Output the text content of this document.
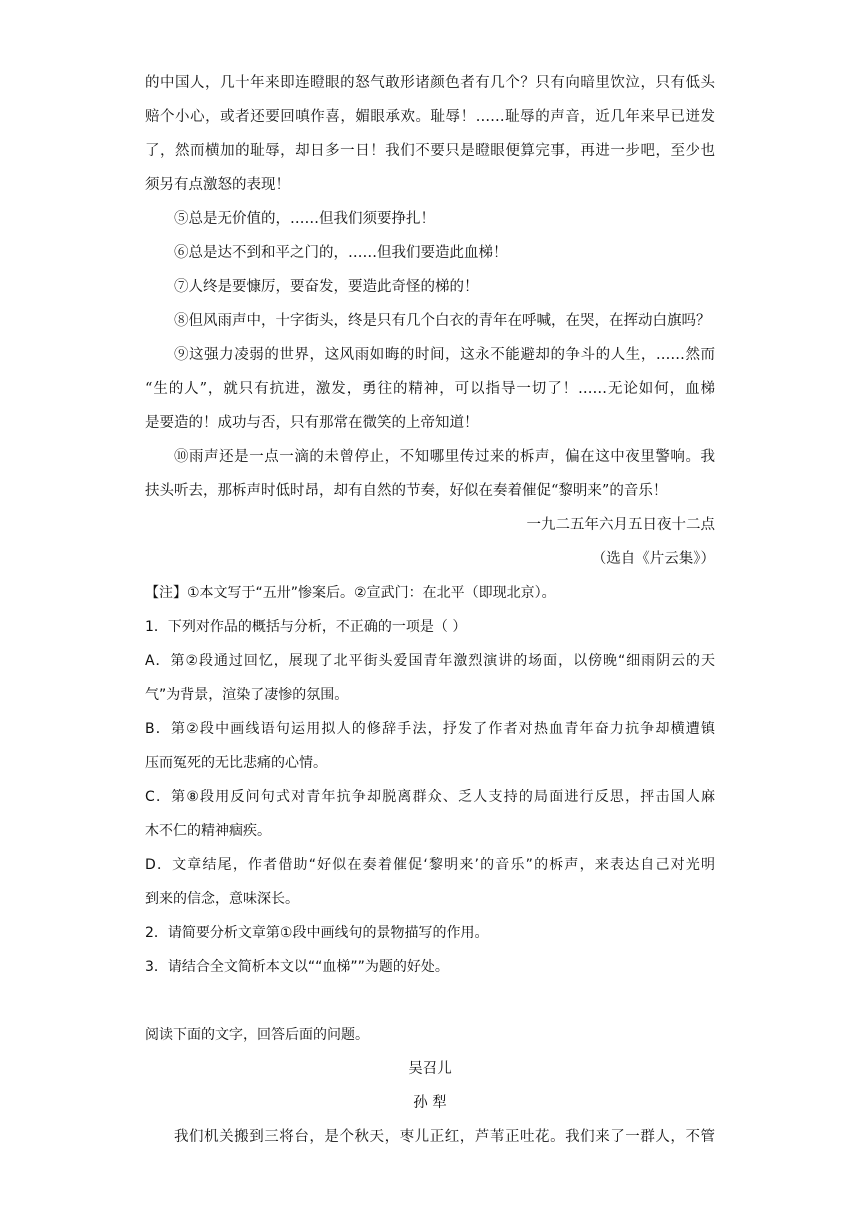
的中国人，几十年来即连瞪眼的怒气敢形诸颜色者有几个？只有向暗里饮泣，只有低头
赔个小心，或者还要回嗔作喜，媚眼承欢。耻辱！……耻辱的声音，近几年来早已迸发
了，然而横加的耻辱，却日多一日！我们不要只是瞪眼便算完事，再进一步吧，至少也
须另有点激怒的表现！
⑤总是无价值的，……但我们须要挣扎！
⑥总是达不到和平之门的，……但我们要造此血梯！
⑦人终是要慷厉，要奋发，要造此奇怪的梯的！
⑧但风雨声中，十字街头，终是只有几个白衣的青年在呼喊，在哭，在挥动白旗吗？
⑨这强力凌弱的世界，这风雨如晦的时间，这永不能避却的争斗的人生，……然而
“生的人”，就只有抗进，激发，勇往的精神，可以指导一切了！……无论如何，血梯
是要造的！成功与否，只有那常在微笑的上帝知道！
⑩雨声还是一点一滴的未曾停止，不知哪里传过来的柝声，偏在这中夜里警响。我
扶头听去，那柝声时低时昂，却有自然的节奏，好似在奏着催促“黎明来”的音乐！
一九二五年六月五日夜十二点
（选自《片云集》）
【注】①本文写于“五卅”惨案后。②宣武门：在北平（即现北京）。
1．下列对作品的概括与分析，不正确的一项是（ ）
A．第②段通过回忆，展现了北平街头爱国青年激烈演讲的场面，以傍晚“细雨阴云的天
气”为背景，渲染了凄惨的氛围。
B．第②段中画线语句运用拟人的修辞手法，抒发了作者对热血青年奋力抗争却横遭镇
压而冤死的无比悲痛的心情。
C．第⑧段用反问句式对青年抗争却脱离群众、乏人支持的局面进行反思，抨击国人麻
木不仁的精神痼疾。
D．文章结尾，作者借助“好似在奏着催促‘黎明来’的音乐”的柝声，来表达自己对光明
到来的信念，意味深长。
2．请简要分析文章第①段中画线句的景物描写的作用。
3．请结合全文简析本文以““血梯””为题的好处。
阅读下面的文字，回答后面的问题。
吴召儿
孙 犁
我们机关搬到三将台，是个秋天，枣儿正红，芦苇正吐花。我们来了一群人，不管
